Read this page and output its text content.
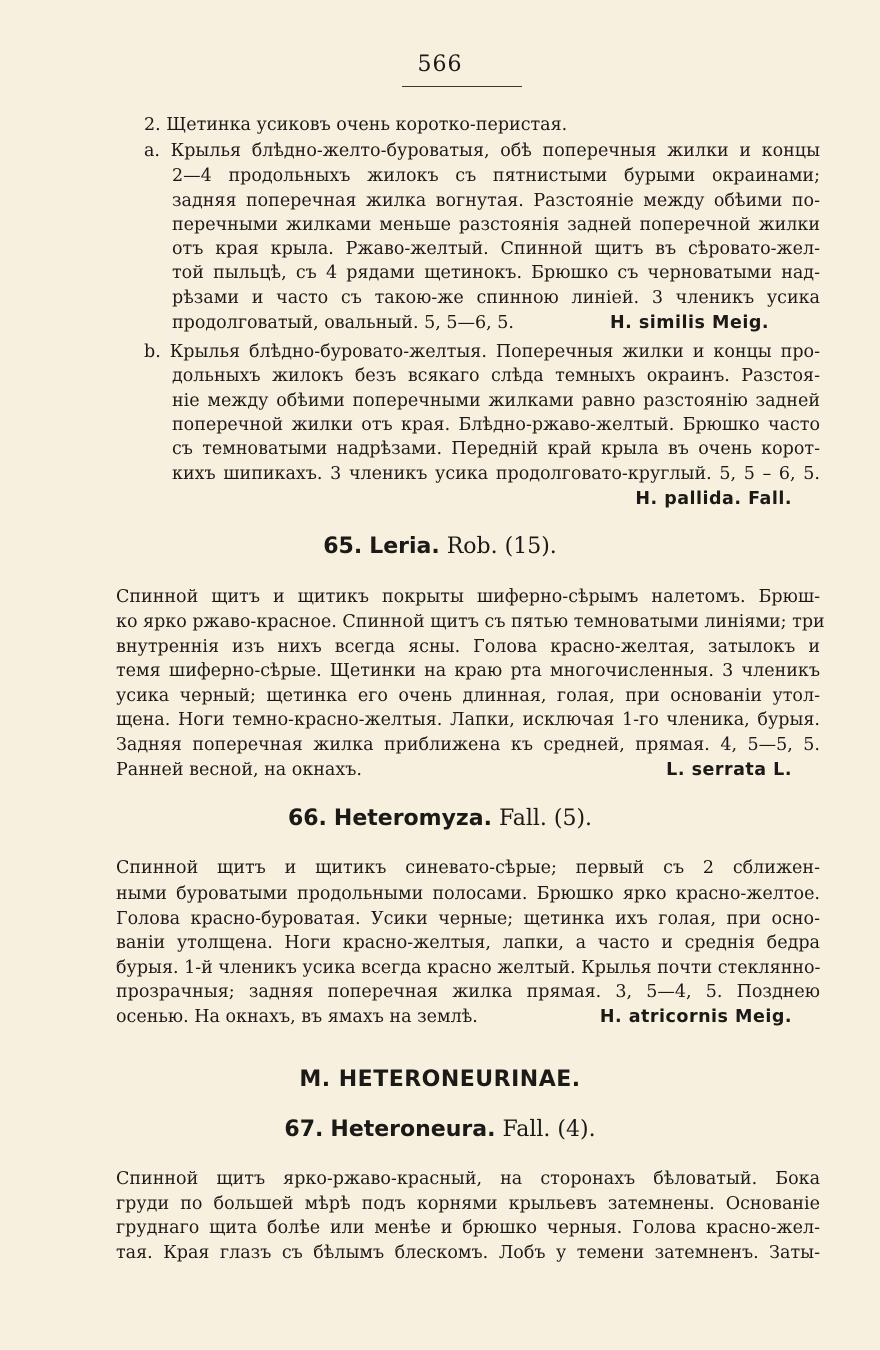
566
2. Щетинка усиковъ очень коротко-перистая.
a. Крылья блѣдно-желто-буроватыя, обѣ поперечныя жилки и концы
2—4 продольныхъ жилокъ съ пятнистыми бурыми окраинами;
задняя поперечная жилка вогнутая. Разстояніе между обѣими по-
перечными жилками меньше разстоянія задней поперечной жилки
отъ края крыла. Ржаво-желтый. Спинной щитъ въ сѣровато-жел-
той пыльцѣ, съ 4 рядами щетинокъ. Брюшко съ черноватыми над-
рѣзами и часто съ такою-же спинною линіей. 3 члeникъ усика
продолговатый, овальный. 5, 5—6, 5.	H. similis Meig.
b. Крылья блѣдно-буровато-желтыя. Поперечныя жилки и концы про-
дольныхъ жилокъ безъ всякаго слѣда темныхъ окраинъ. Разстоя-
ніе между обѣими поперечными жилками равно разстоянію задней
поперечной жилки отъ края. Блѣдно-ржаво-желтый. Брюшко часто
съ темноватыми надрѣзами. Передній край крыла въ очень корот-
кихъ шипикахъ. 3 членикъ усика продолговато-круглый. 5, 5 – 6, 5.
H. pallida. Fall.
65. Leria. Rob. (15).
Спинной щитъ и щитикъ покрыты шиферно-сѣрымъ налетомъ. Брюш-
ко ярко ржаво-красное. Спинной щитъ съ пятью темноватыми линіями; три
внутреннія изъ нихъ всегда ясны. Голова красно-желтая, затылокъ и
темя шиферно-сѣрые. Щетинки на краю рта многочисленныя. 3 члeникъ
усика черный; щетинка его очень длинная, голая, при основаніи утол-
щена. Ноги темно-красно-желтыя. Лапки, исключая 1-го членика, бурыя.
Задняя поперечная жилка приближена къ средней, прямая. 4, 5—5, 5.
Ранней весной, на окнахъ.	L. serrata L.
66. Heteromyza. Fall. (5).
Спинной щитъ и щитикъ синевато-сѣрые; первый съ 2 сближен-
ными буроватыми продольными полосами. Брюшко ярко красно-желтое.
Голова красно-буроватая. Усики черные; щетинка ихъ голая, при осно-
ваніи утолщена. Ноги красно-желтыя, лапки, а часто и среднія бедра
бурыя. 1-й членикъ усика всегда красно желтый. Крылья почти стеклянно-
прозрачныя; задняя поперечная жилка прямая. 3, 5—4, 5. Позднею
осенью. На окнахъ, въ ямахъ на землѣ.	H. atricornis Meig.
M. HETERONEURINAE.
67. Heteroneura. Fall. (4).
Спинной щитъ ярко-ржаво-красный, на сторонахъ бѣловатый. Бока
груди по большей мѣрѣ подъ корнями крыльевъ затемнены. Основаніе
груднаго щита болѣе или менѣе и брюшко черныя. Голова красно-жел-
тая. Края глазъ съ бѣлымъ блескомъ. Лобъ у темени затемненъ. Заты-
